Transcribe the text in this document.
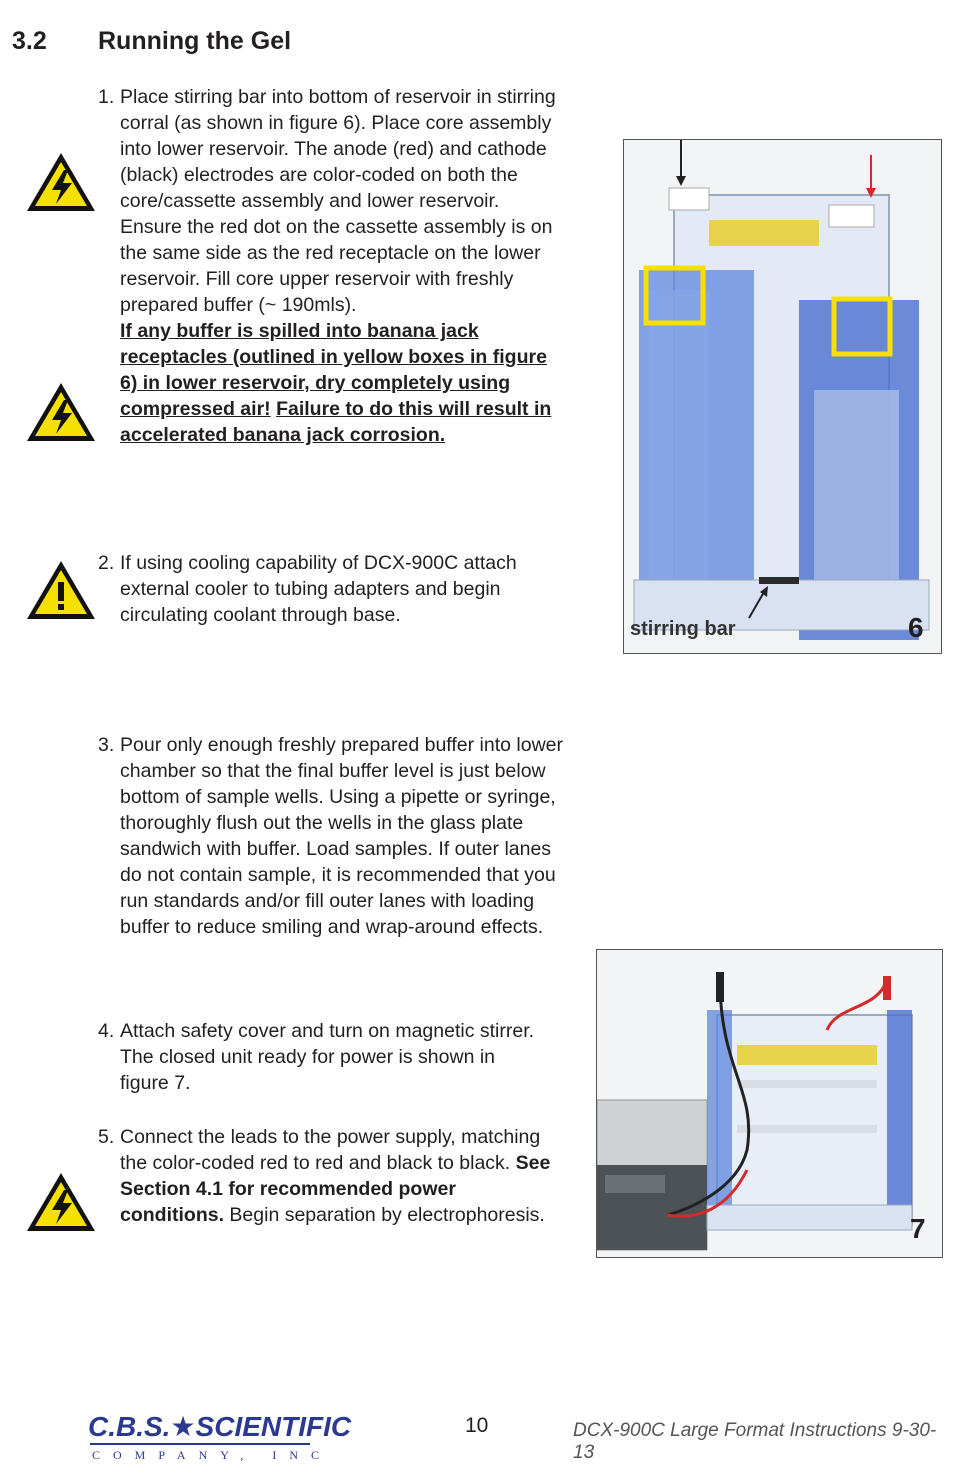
3.2 Running the Gel
1. Place stirring bar into bottom of reservoir in stirring corral (as shown in figure 6). Place core assembly into lower reservoir. The anode (red) and cathode (black) electrodes are color-coded on both the core/cassette assembly and lower reservoir. Ensure the red dot on the cassette assembly is on the same side as the red receptacle on the lower reservoir. Fill core upper reservoir with freshly prepared buffer (~ 190mls).
If any buffer is spilled into banana jack receptacles (outlined in yellow boxes in figure 6) in lower reservoir, dry completely using compressed air! Failure to do this will result in accelerated banana jack corrosion.
2. If using cooling capability of DCX-900C attach external cooler to tubing adapters and begin circulating coolant through base.
3. Pour only enough freshly prepared buffer into lower chamber so that the final buffer level is just below bottom of sample wells. Using a pipette or syringe, thoroughly flush out the wells in the glass plate sandwich with buffer. Load samples. If outer lanes do not contain sample, it is recommended that you run standards and/or fill outer lanes with loading buffer to reduce smiling and wrap-around effects.
4. Attach safety cover and turn on magnetic stirrer. The closed unit ready for power is shown in figure 7.
5. Connect the leads to the power supply, matching the color-coded red to red and black to black. See Section 4.1 for recommended power conditions. Begin separation by electrophoresis.
stirring bar	6
7
C.B.S.★SCIENTIFIC
COMPANY, INC
10	DCX-900C Large Format Instructions 9-30-13
